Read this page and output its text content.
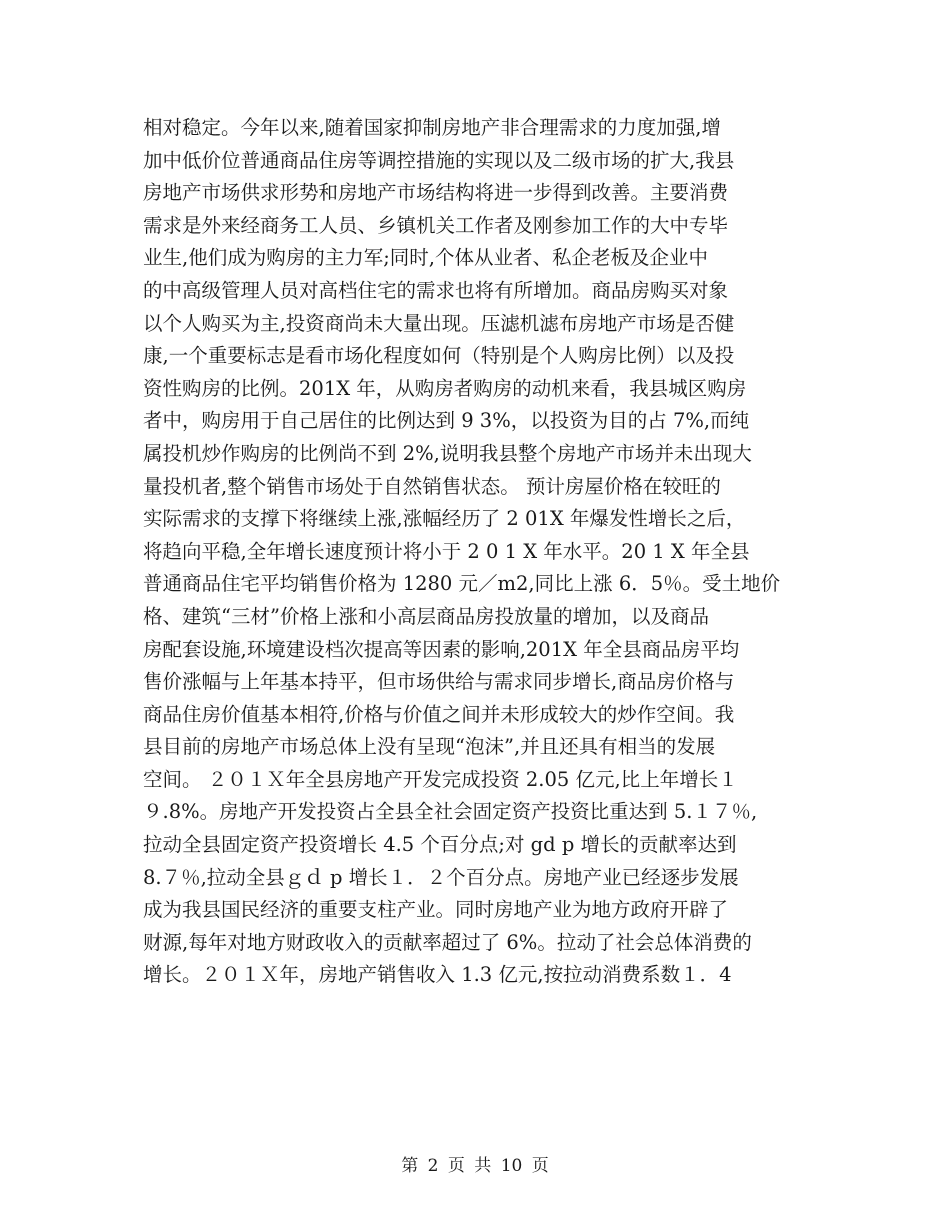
相对稳定。今年以来,随着国家抑制房地产非合理需求的力度加强,增
加中低价位普通商品住房等调控措施的实现以及二级市场的扩大,我县
房地产市场供求形势和房地产市场结构将进一步得到改善。主要消费
需求是外来经商务工人员、乡镇机关工作者及刚参加工作的大中专毕
业生,他们成为购房的主力军;同时,个体从业者、私企老板及企业中
的中高级管理人员对高档住宅的需求也将有所增加。商品房购买对象
以个人购买为主,投资商尚未大量出现。压滤机滤布房地产市场是否健
康,一个重要标志是看市场化程度如何（特别是个人购房比例）以及投
资性购房的比例。201X 年，从购房者购房的动机来看，我县城区购房
者中，购房用于自己居住的比例达到 9 3%，以投资为目的占 7%,而纯
属投机炒作购房的比例尚不到 2%,说明我县整个房地产市场并未出现大
量投机者,整个销售市场处于自然销售状态。 预计房屋价格在较旺的
实际需求的支撑下将继续上涨,涨幅经历了 2 01X 年爆发性增长之后，
将趋向平稳,全年增长速度预计将小于 2 0 1 X 年水平。20 1 X 年全县
普通商品住宅平均销售价格为 1280 元／m2,同比上涨 6．5％。受土地价
格、建筑“三材”价格上涨和小高层商品房投放量的增加，以及商品
房配套设施,环境建设档次提高等因素的影响,201X 年全县商品房平均
售价涨幅与上年基本持平，但市场供给与需求同步增长,商品房价格与
商品住房价值基本相符,价格与价值之间并未形成较大的炒作空间。我
县目前的房地产市场总体上没有呈现“泡沫”,并且还具有相当的发展
空间。 ２０１Ｘ年全县房地产开发完成投资 2.05 亿元,比上年增长１
９.8%。房地产开发投资占全县全社会固定资产投资比重达到 5.１７％,
拉动全县固定资产投资增长 4.5 个百分点;对 gd p 增长的贡献率达到
8.７％,拉动全县ｇｄ p 增长１．２个百分点。房地产业已经逐步发展
成为我县国民经济的重要支柱产业。同时房地产业为地方政府开辟了
财源,每年对地方财政收入的贡献率超过了 6%。拉动了社会总体消费的
增长。２０１Ｘ年，房地产销售收入 1.3 亿元,按拉动消费系数１．4
第 2 页 共 10 页
